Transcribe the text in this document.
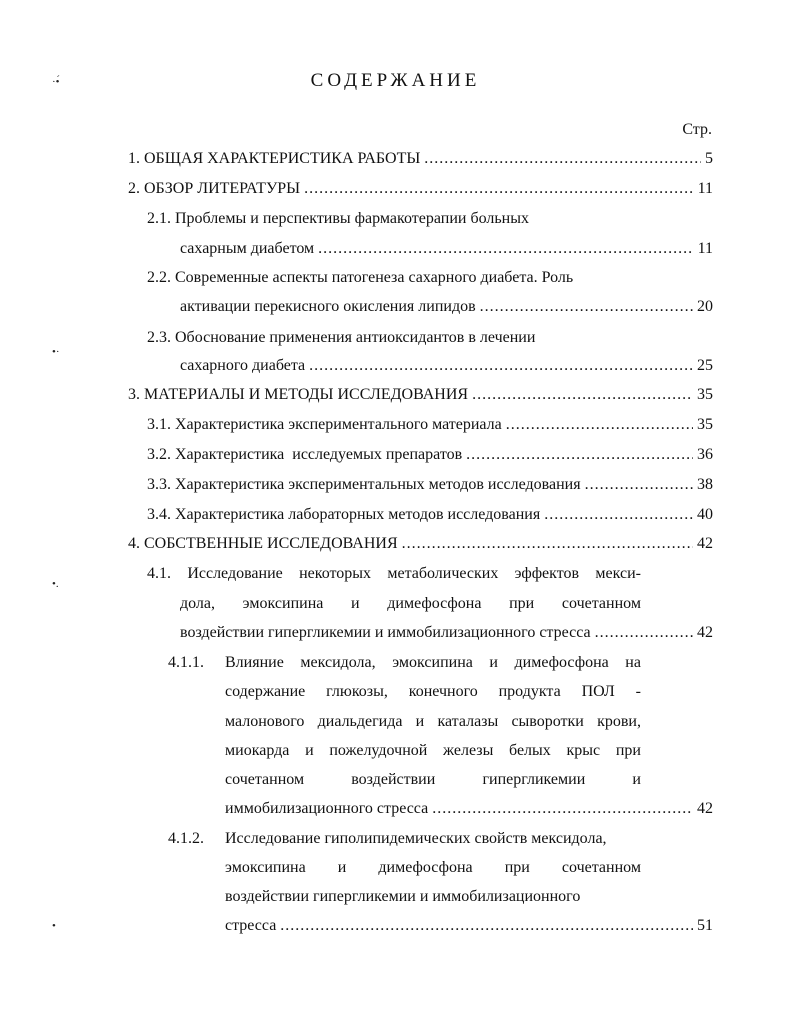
·•́
•·
•.
•
СОДЕРЖАНИЕ
Стр.
1. ОБЩАЯ ХАРАКТЕРИСТИКА РАБОТЫ .....	5
2. ОБЗОР ЛИТЕРАТУРЫ .....	11
2.1. Проблемы и перспективы фармакотерапии больных
сахарным диабетом .....	11
2.2. Современные аспекты патогенеза сахарного диабета. Роль
активации перекисного окисления липидов .....	20
2.3. Обоснование применения антиоксидантов в лечении
сахарного диабета .....	25
3. МАТЕРИАЛЫ И МЕТОДЫ ИССЛЕДОВАНИЯ .....	35
3.1. Характеристика экспериментального материала .....	35
3.2. Характеристика  исследуемых препаратов .....	36
3.3. Характеристика экспериментальных методов исследования .....	38
3.4. Характеристика лабораторных методов исследования .....	40
4. СОБСТВЕННЫЕ ИССЛЕДОВАНИЯ .....	42
4.1. Исследование некоторых метаболических эффектов мекси-
дола, эмоксипина и димефосфона при сочетанном
воздействии гипергликемии и иммобилизационного стресса .....	42
4.1.1. Влияние мексидола, эмоксипина и димефосфона на
содержание глюкозы, конечного продукта ПОЛ -
малонового диальдегида и каталазы сыворотки крови,
миокарда и пожелудочной железы белых крыс при
сочетанном	воздействии	гипергликемии	и
иммобилизационного стресса .....	42
4.1.2. Исследование гиполипидемических свойств мексидола,
эмоксипина и димефосфона при сочетанном
воздействии гипергликемии и иммобилизационного
стресса .....	51
